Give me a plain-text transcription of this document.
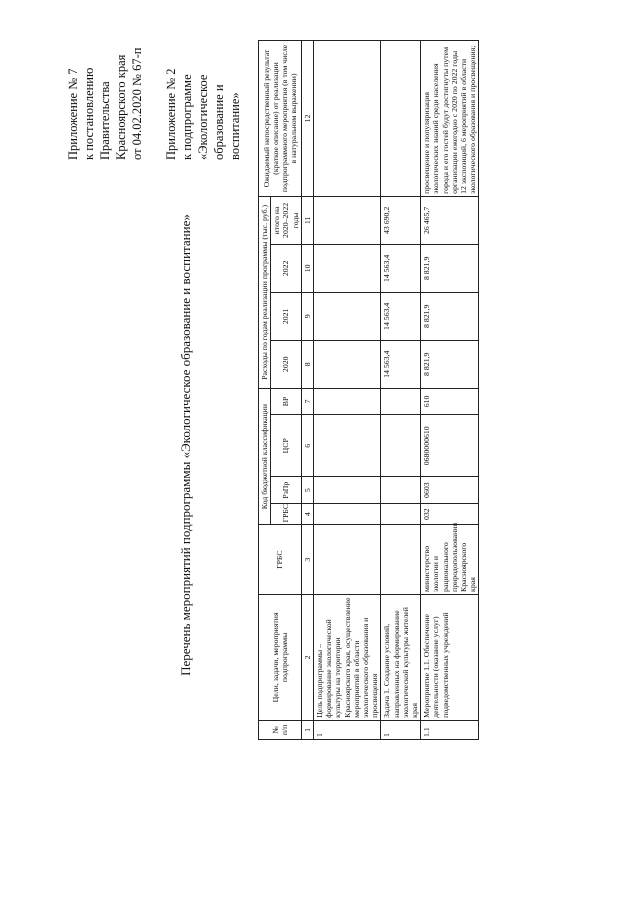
Приложение № 7 к постановлению Правительства Красноярского края от 04.02.2020 № 67-п Приложение № 2 к подпрограмме «Экологическое образование и воспитание»
Перечень мероприятий подпрограммы «Экологическое образование и воспитание»
№ п/п	Цели, задачи, мероприятия подпрограммы	ГРБС	Код бюджетной классификации				Расходы по годам реализации программы (тыс. руб.)				Ожидаемый непосредственный результат (краткое описание) от реализации подпрограммного мероприятия (в том числе в натуральном выражении)
			ГРБС	РзПр	ЦСР	ВР	2020	2021	2022	итого на 2020–2022 годы	
1	2	3	4	5	6	7	8	9	10	11	12
1	Цель подпрограммы – формирование экологической культуры на территории Красноярского края, осуществление мероприятий в области экологического образования и просвещения										
1	Задача 1. Создание условий, направленных на формирование экологической культуры жителей края						14 563,4	14 563,4	14 563,4	43 690,2	
1.1	Мероприятие 1.1. Обеспечение деятельности (оказание услуг) подведомственных учреждений	министерство экологии и рационального природопользования Красноярского края	032	0603	0680000610	610	8 821,9	8 821,9	8 821,9	26 465,7	просвещение и популяризация экологических знаний среди населения города и его гостей будут достигнуты путем организации ежегодно с 2020 по 2022 годы 12 экспозиций, 6 мероприятий в области экологического образования и просвещения;
